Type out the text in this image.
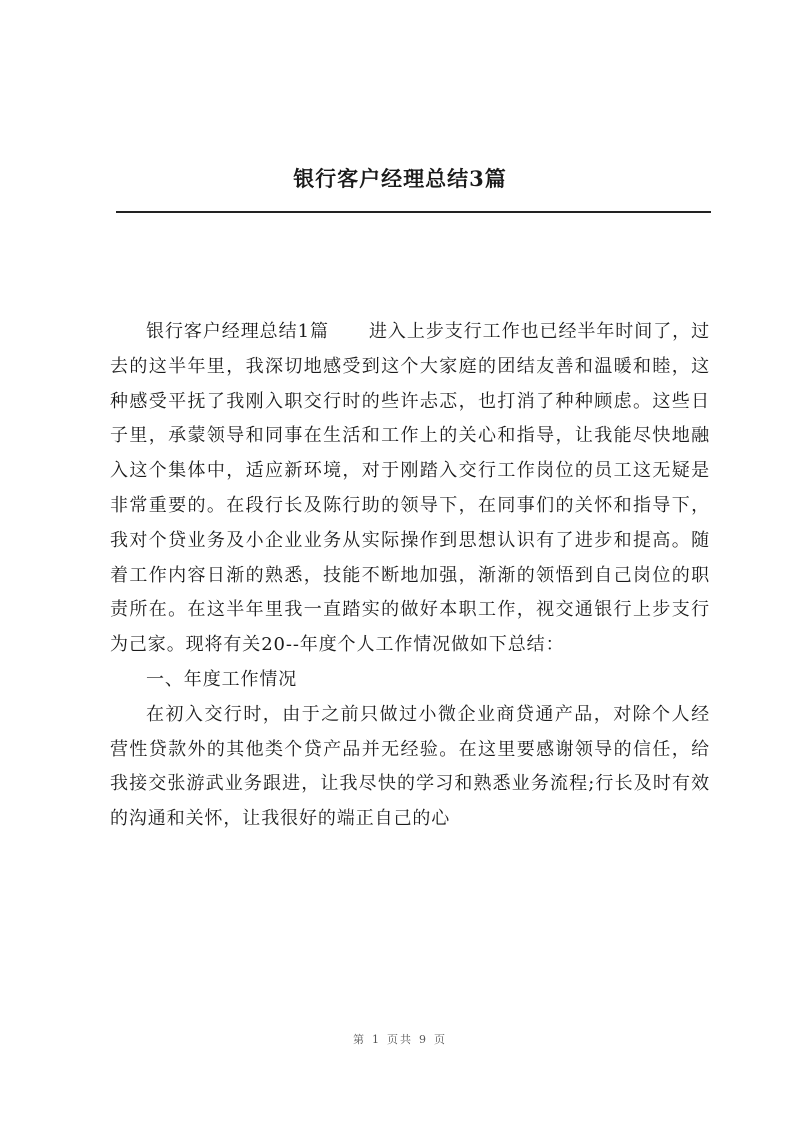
银行客户经理总结3篇

银行客户经理总结1篇 进入上步支行工作也已经半年时间了，过去的这半年里，我深切地感受到这个大家庭的团结友善和温暖和睦，这种感受平抚了我刚入职交行时的些许忐忑，也打消了种种顾虑。这些日子里，承蒙领导和同事在生活和工作上的关心和指导，让我能尽快地融入这个集体中，适应新环境，对于刚踏入交行工作岗位的员工这无疑是非常重要的。在段行长及陈行助的领导下，在同事们的关怀和指导下，我对个贷业务及小企业业务从实际操作到思想认识有了进步和提高。随着工作内容日渐的熟悉，技能不断地加强，渐渐的领悟到自己岗位的职责所在。在这半年里我一直踏实的做好本职工作，视交通银行上步支行为己家。现将有关20--年度个人工作情况做如下总结：

一、年度工作情况

在初入交行时，由于之前只做过小微企业商贷通产品，对除个人经营性贷款外的其他类个贷产品并无经验。在这里要感谢领导的信任，给我接交张游武业务跟进，让我尽快的学习和熟悉业务流程;行长及时有效的沟通和关怀，让我很好的端正自己的心

第 1 页共 9 页
